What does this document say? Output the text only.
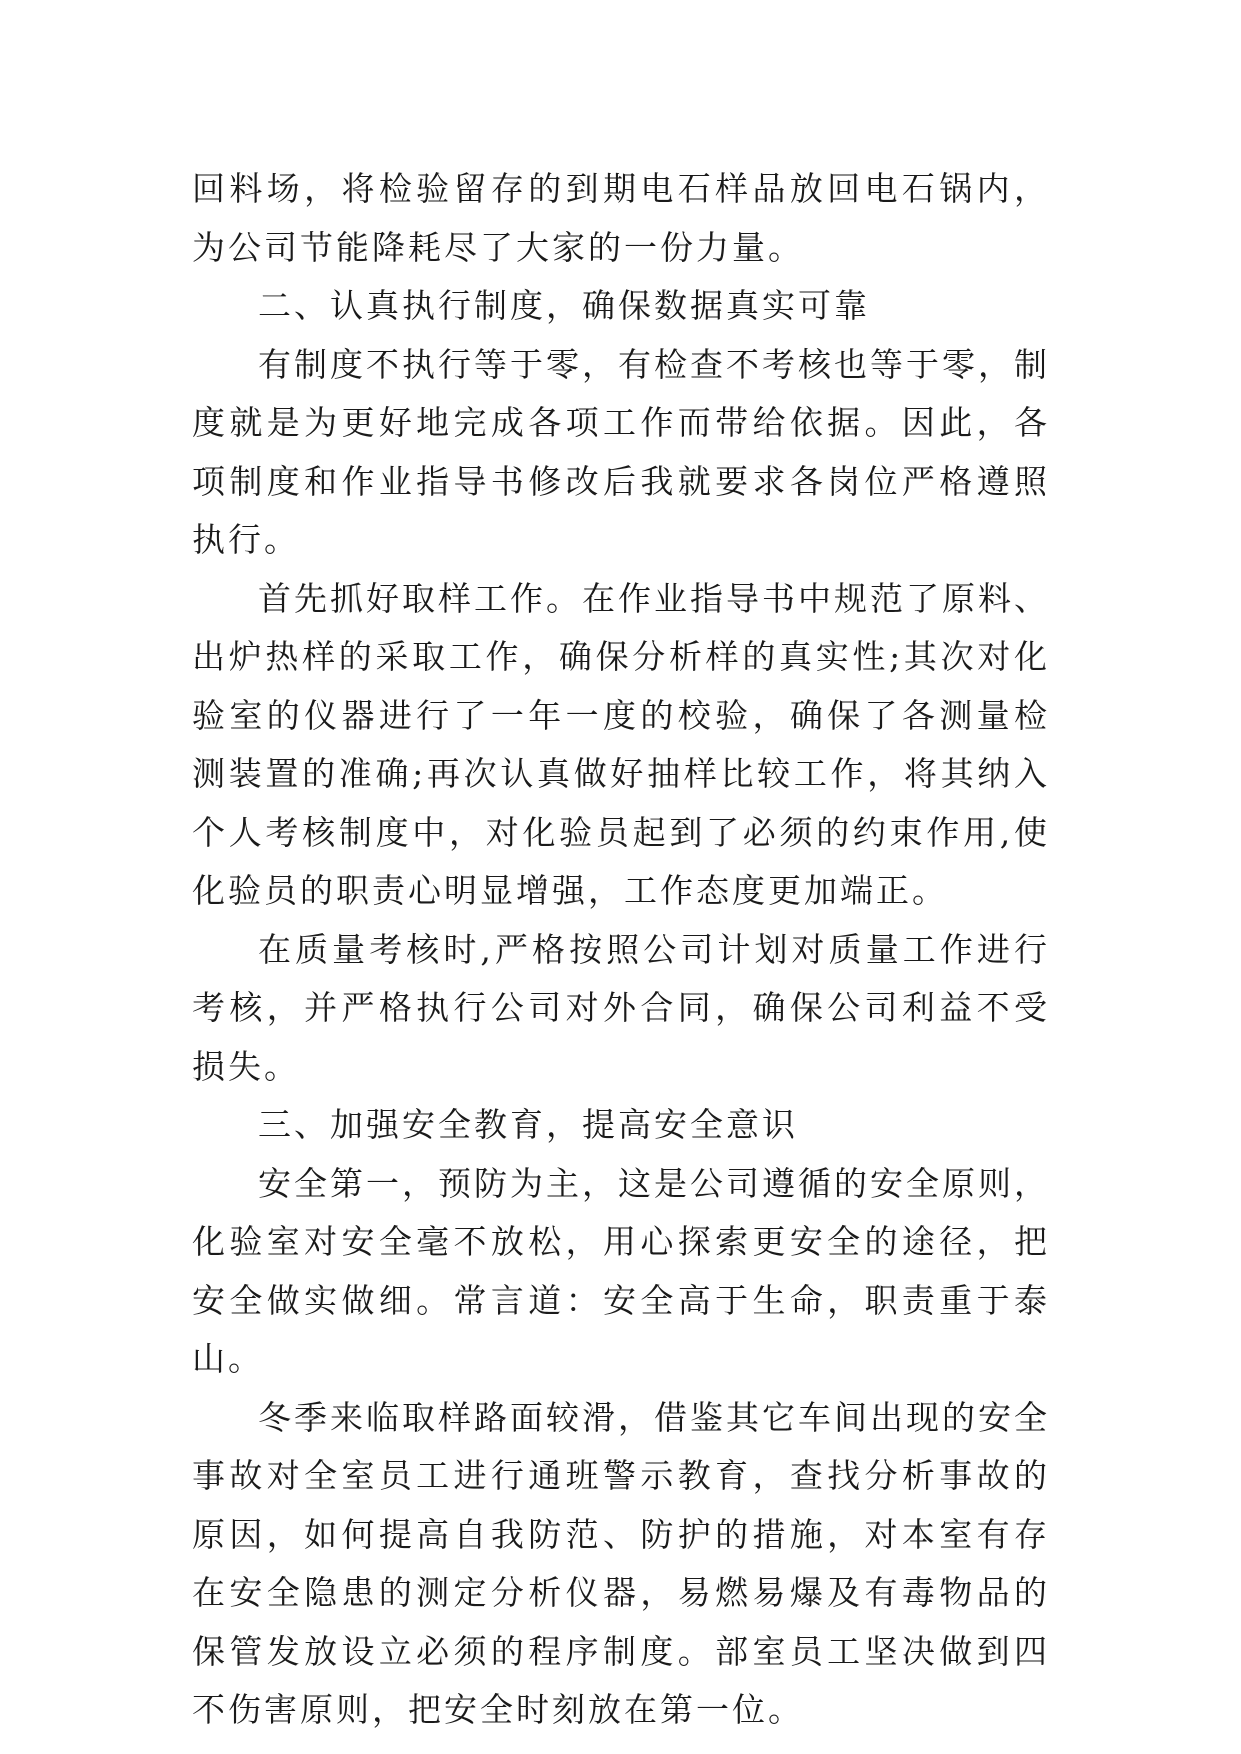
回料场，将检验留存的到期电石样品放回电石锅内，为公司节能降耗尽了大家的一份力量。

二、认真执行制度，确保数据真实可靠

有制度不执行等于零，有检查不考核也等于零，制度就是为更好地完成各项工作而带给依据。因此，各项制度和作业指导书修改后我就要求各岗位严格遵照执行。

首先抓好取样工作。在作业指导书中规范了原料、出炉热样的采取工作，确保分析样的真实性;其次对化验室的仪器进行了一年一度的校验，确保了各测量检测装置的准确;再次认真做好抽样比较工作，将其纳入个人考核制度中，对化验员起到了必须的约束作用,使化验员的职责心明显增强，工作态度更加端正。

在质量考核时,严格按照公司计划对质量工作进行考核，并严格执行公司对外合同，确保公司利益不受损失。

三、加强安全教育，提高安全意识

安全第一，预防为主，这是公司遵循的安全原则，化验室对安全毫不放松，用心探索更安全的途径，把安全做实做细。常言道：安全高于生命，职责重于泰山。

冬季来临取样路面较滑，借鉴其它车间出现的安全事故对全室员工进行通班警示教育，查找分析事故的原因，如何提高自我防范、防护的措施，对本室有存在安全隐患的测定分析仪器，易燃易爆及有毒物品的保管发放设立必须的程序制度。部室员工坚决做到四不伤害原则，把安全时刻放在第一位。
